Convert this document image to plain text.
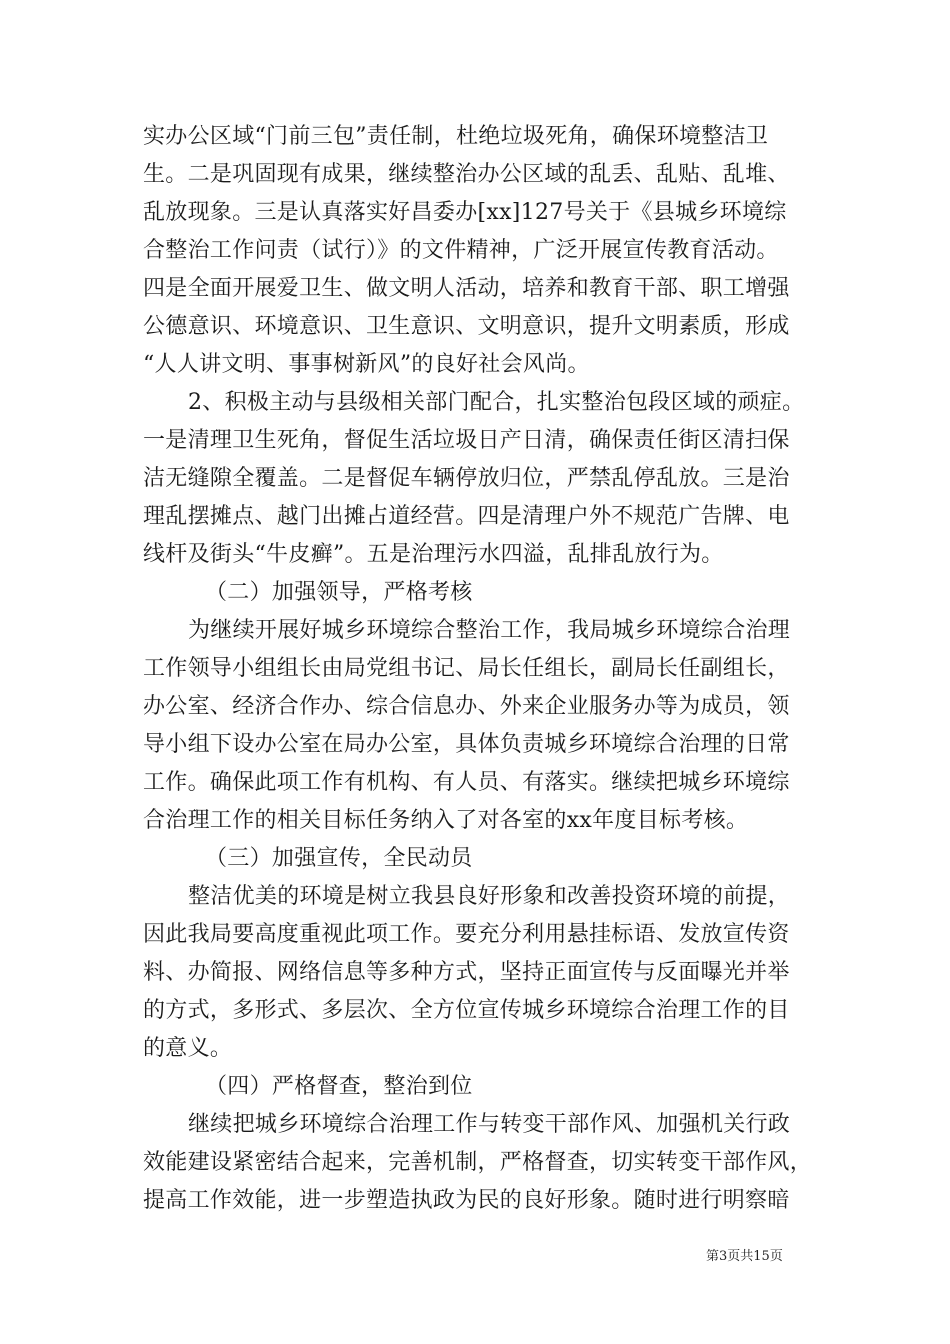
实办公区域“门前三包”责任制，杜绝垃圾死角，确保环境整洁卫
生。二是巩固现有成果，继续整治办公区域的乱丢、乱贴、乱堆、
乱放现象。三是认真落实好昌委办[xx]127号关于《县城乡环境综
合整治工作问责（试行）》的文件精神，广泛开展宣传教育活动。
四是全面开展爱卫生、做文明人活动，培养和教育干部、职工增强
公德意识、环境意识、卫生意识、文明意识，提升文明素质，形成
“人人讲文明、事事树新风”的良好社会风尚。
2、积极主动与县级相关部门配合，扎实整治包段区域的顽症。
一是清理卫生死角，督促生活垃圾日产日清，确保责任街区清扫保
洁无缝隙全覆盖。二是督促车辆停放归位，严禁乱停乱放。三是治
理乱摆摊点、越门出摊占道经营。四是清理户外不规范广告牌、电
线杆及街头“牛皮癣”。五是治理污水四溢，乱排乱放行为。
（二）加强领导，严格考核
为继续开展好城乡环境综合整治工作，我局城乡环境综合治理
工作领导小组组长由局党组书记、局长任组长，副局长任副组长，
办公室、经济合作办、综合信息办、外来企业服务办等为成员，领
导小组下设办公室在局办公室，具体负责城乡环境综合治理的日常
工作。确保此项工作有机构、有人员、有落实。继续把城乡环境综
合治理工作的相关目标任务纳入了对各室的xx年度目标考核。
（三）加强宣传，全民动员
整洁优美的环境是树立我县良好形象和改善投资环境的前提，
因此我局要高度重视此项工作。要充分利用悬挂标语、发放宣传资
料、办简报、网络信息等多种方式，坚持正面宣传与反面曝光并举
的方式，多形式、多层次、全方位宣传城乡环境综合治理工作的目
的意义。
（四）严格督查，整治到位
继续把城乡环境综合治理工作与转变干部作风、加强机关行政
效能建设紧密结合起来，完善机制，严格督查，切实转变干部作风，
提高工作效能，进一步塑造执政为民的良好形象。随时进行明察暗
第3页共15页
